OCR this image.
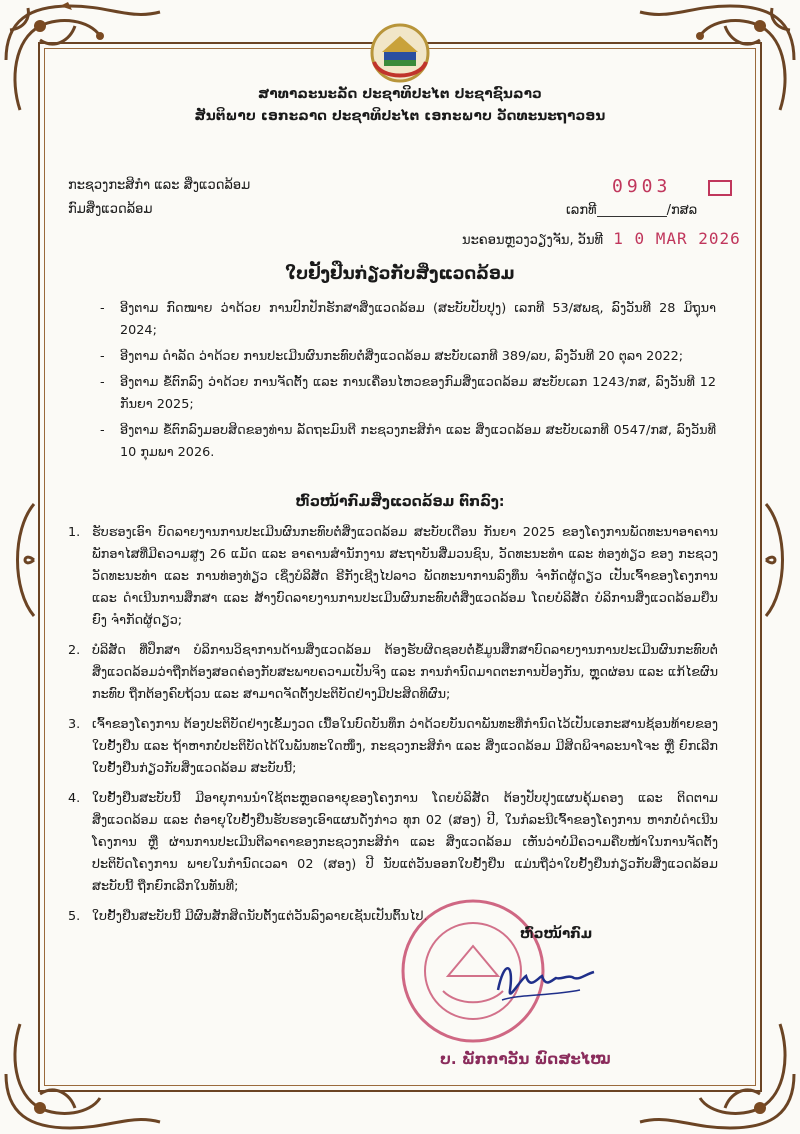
ສາທາລະນະລັດ ປະຊາທິປະໄຕ ປະຊາຊົນລາວ
ສັນຕິພາບ ເອກະລາດ ປະຊາທິປະໄຕ ເອກະພາບ ວັດທະນະຖາວອນ
ກະຊວງກະສິກຳ ແລະ ສິ່ງແວດລ້ອມ
ກົມສິ່ງແວດລ້ອມ
0903
ເລກທີ	/ກສລ
ນະຄອນຫຼວງວຽງຈັນ, ວັນທີ 1 0 MAR 2026
ໃບຢັ້ງຢືນກ່ຽວກັບສິ່ງແວດລ້ອມ
- ອີງຕາມ ກົດໝາຍ ວ່າດ້ວຍ ການປົກປັກຮັກສາສິ່ງແວດລ້ອມ (ສະບັບປັບປຸງ) ເລກທີ 53/ສພຊ, ລົງວັນທີ 28 ມິຖຸນາ 2024;
- ອີງຕາມ ດຳລັດ ວ່າດ້ວຍ ການປະເມີນຜົນກະທົບຕໍ່ສິ່ງແວດລ້ອມ ສະບັບເລກທີ 389/ລບ, ລົງວັນທີ 20 ຕຸລາ 2022;
- ອີງຕາມ ຂໍ້ຕົກລົງ ວ່າດ້ວຍ ການຈັດຕັ້ງ ແລະ ການເຄື່ອນໄຫວຂອງກົມສິ່ງແວດລ້ອມ ສະບັບເລກ 1243/ກສ, ລົງວັນທີ 12 ກັນຍາ 2025;
- ອີງຕາມ ຂໍ້ຕົກລົງມອບສິດຂອງທ່ານ ລັດຖະມົນຕີ ກະຊວງກະສິກຳ ແລະ ສິ່ງແວດລ້ອມ ສະບັບເລກທີ 0547/ກສ, ລົງວັນທີ 10 ກຸມພາ 2026.
ຫົວໜ້າກົມສິ່ງແວດລ້ອມ ຕົກລົງ:
1. ຮັບຮອງເອົາ ບົດລາຍງານການປະເມີນຜົນກະທົບຕໍ່ສິ່ງແວດລ້ອມ ສະບັບເດືອນ ກັນຍາ 2025 ຂອງໂຄງການພັດທະນາອາຄານພັກອາໄສທີ່ມີຄວາມສູງ 26 ແມັດ ແລະ ອາຄານສຳນັກງານ ສະຖາບັນສື່ມວນຊົນ, ວັດທະນະທຳ ແລະ ທ່ອງທ່ຽວ ຂອງ ກະຊວງວັດທະນະທຳ ແລະ ການທ່ອງທ່ຽວ ເຊິ່ງບໍລິສັດ ຣີກັງເຊີງໄປລາວ ພັດທະນາການລົງທຶນ ຈຳກັດຜູ້ດຽວ ເປັນເຈົ້າຂອງໂຄງການ ແລະ ດຳເນີນການສຶກສາ ແລະ ສ້າງບົດລາຍງານການປະເມີນຜົນກະທົບຕໍ່ສິ່ງແວດລ້ອມ ໂດຍບໍລິສັດ ບໍລິການສິ່ງແວດລ້ອມຍືນຍົງ ຈຳກັດຜູ້ດຽວ;
2. ບໍລິສັດ ທີ່ປຶກສາ ບໍລິການວິຊາການດ້ານສິ່ງແວດລ້ອມ ຕ້ອງຮັບຜິດຊອບຕໍ່ຂໍ້ມູນສຶກສາບົດລາຍງານການປະເມີນຜົນກະທົບຕໍ່ສິ່ງແວດລ້ອມວ່າຖືກຕ້ອງສອດຄ່ອງກັບສະພາບຄວາມເປັນຈິງ ແລະ ການກຳນົດມາດຕະການປ້ອງກັນ, ຫຼຸດຜ່ອນ ແລະ ແກ້ໄຂຜົນກະທົບ ຖືກຕ້ອງຄົບຖ້ວນ ແລະ ສາມາດຈັດຕັ້ງປະຕິບັດຢ່າງມີປະສິດທິຜົນ;
3. ເຈົ້າຂອງໂຄງການ ຕ້ອງປະຕິບັດຢ່າງເຂັ້ມງວດ ເນື້ອໃນບົດບັນທຶກ ວ່າດ້ວຍບັນດາພັນທະທີ່ກຳນົດໄວ້ເປັນເອກະສານຊ້ອນທ້າຍຂອງໃບຢັ້ງຢືນ ແລະ ຖ້າຫາກບໍ່ປະຕິບັດໄດ້ໃນພັນທະໃດໜຶ່ງ, ກະຊວງກະສິກຳ ແລະ ສິ່ງແວດລ້ອມ ມີສິດພິຈາລະນາໂຈະ ຫຼື ຍົກເລີກໃບຢັ້ງຢືນກ່ຽວກັບສິ່ງແວດລ້ອມ ສະບັບນີ້;
4. ໃບຢັ້ງຢືນສະບັບນີ້ ມີອາຍຸການນຳໃຊ້ຕະຫຼອດອາຍຸຂອງໂຄງການ ໂດຍບໍລິສັດ ຕ້ອງປັບປຸງແຜນຄຸ້ມຄອງ ແລະ ຕິດຕາມສິ່ງແວດລ້ອມ ແລະ ຕໍ່ອາຍຸໃບຢັ້ງຢືນຮັບຮອງເອົາແຜນດັ່ງກ່າວ ທຸກ 02 (ສອງ) ປີ, ໃນກໍລະນີເຈົ້າຂອງໂຄງການ ຫາກບໍ່ດຳເນີນໂຄງການ ຫຼື ຜ່ານການປະເມີນຕີລາຄາຂອງກະຊວງກະສິກຳ ແລະ ສິ່ງແວດລ້ອມ ເຫັນວ່າບໍ່ມີຄວາມຄືບໜ້າໃນການຈັດຕັ້ງປະຕິບັດໂຄງການ ພາຍໃນກຳນົດເວລາ 02 (ສອງ) ປີ ນັບແຕ່ວັນອອກໃບຢັ້ງຢືນ ແມ່ນຖືວ່າໃບຢັ້ງຢືນກ່ຽວກັບສິ່ງແວດລ້ອມສະບັບນີ້ ຖືກຍົກເລີກໃນທັນທີ;
5. ໃບຢັ້ງຢືນສະບັບນີ້ ມີຜົນສັກສິດນັບຕັ້ງແຕ່ວັນລົງລາຍເຊັນເປັນຕົ້ນໄປ.
ຫົວໜ້າກົມ
ບ. ພັກກາວັນ ພົດສະໄໝ
